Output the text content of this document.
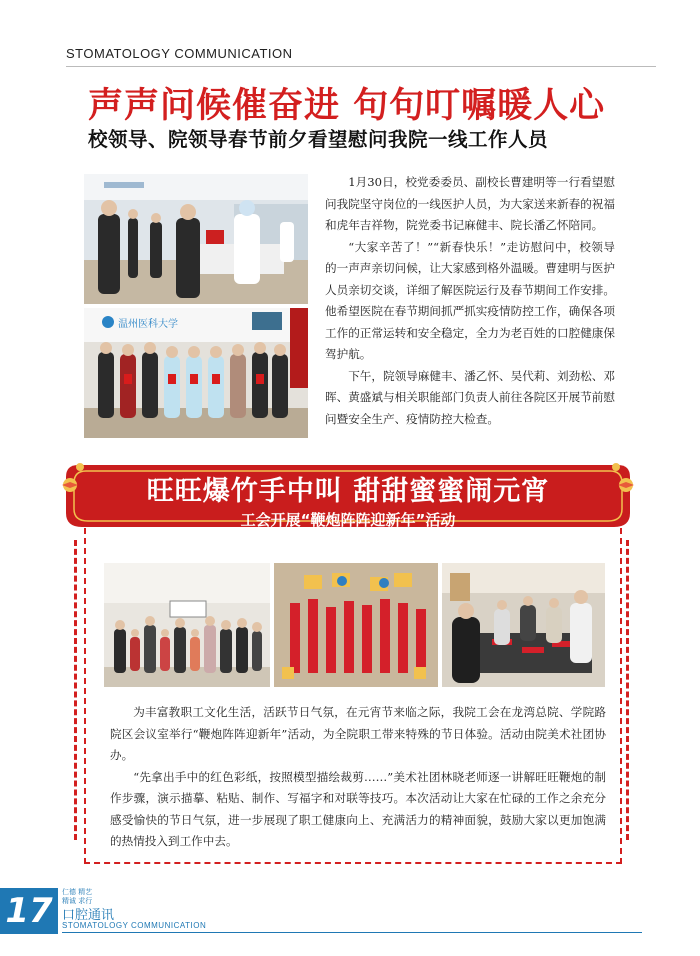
STOMATOLOGY COMMUNICATION
声声问候催奋进 句句叮嘱暖人心
校领导、院领导春节前夕看望慰问我院一线工作人员
温州医科大学

1月30日，校党委委员、副校长曹建明等一行看望慰问我院坚守岗位的一线医护人员，为大家送来新春的祝福和虎年吉祥物，院党委书记麻健丰、院长潘乙怀陪同。

“大家辛苦了！”“新春快乐！”走访慰问中，校领导的一声声亲切问候，让大家感到格外温暖。曹建明与医护人员亲切交谈，详细了解医院运行及春节期间工作安排。他希望医院在春节期间抓严抓实疫情防控工作，确保各项工作的正常运转和安全稳定，全力为老百姓的口腔健康保驾护航。

下午，院领导麻健丰、潘乙怀、吴代莉、刘劲松、邓晖、黄盛斌与相关职能部门负责人前往各院区开展节前慰问暨安全生产、疫情防控大检查。

旺旺爆竹手中叫 甜甜蜜蜜闹元宵
工会开展“鞭炮阵阵迎新年”活动

为丰富教职工文化生活，活跃节日气氛，在元宵节来临之际，我院工会在龙湾总院、学院路院区会议室举行“鞭炮阵阵迎新年”活动，为全院职工带来特殊的节日体验。活动由院美术社团协办。

“先拿出手中的红色彩纸，按照模型描绘裁剪……”美术社团林晓老师逐一讲解旺旺鞭炮的制作步骤，演示描摹、粘贴、制作、写福字和对联等技巧。本次活动让大家在忙碌的工作之余充分感受愉快的节日气氛，进一步展现了职工健康向上、充满活力的精神面貌，鼓励大家以更加饱满的热情投入到工作中去。

17	仁德 精艺
精诚 求行
口腔通讯
STOMATOLOGY COMMUNICATION
